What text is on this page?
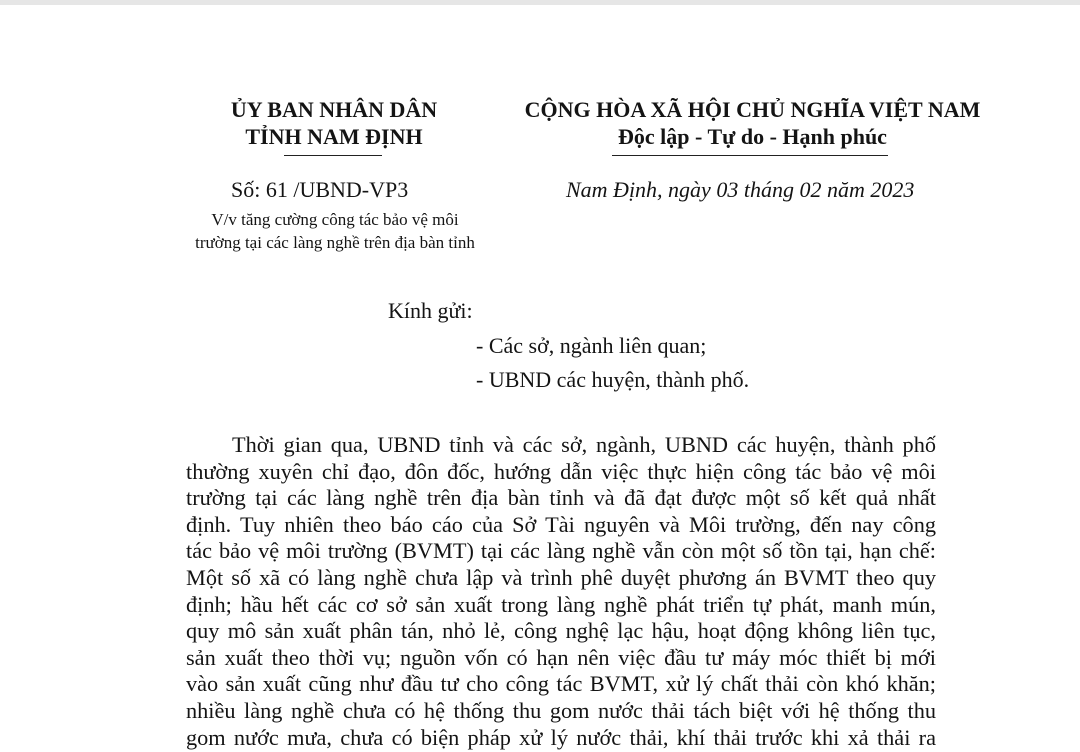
ỦY BAN NHÂN DÂN
TỈNH NAM ĐỊNH
CỘNG HÒA XÃ HỘI CHỦ NGHĨA VIỆT NAM
Độc lập - Tự do - Hạnh phúc
Số: 61 /UBND-VP3	Nam Định, ngày 03 tháng 02 năm 2023
V/v tăng cường công tác bảo vệ môi
trường tại các làng nghề trên địa bàn tỉnh
Kính gửi:
- Các sở, ngành liên quan;
- UBND các huyện, thành phố.
Thời gian qua, UBND tỉnh và các sở, ngành, UBND các huyện, thành phố
thường xuyên chỉ đạo, đôn đốc, hướng dẫn việc thực hiện công tác bảo vệ môi
trường tại các làng nghề trên địa bàn tỉnh và đã đạt được một số kết quả nhất
định. Tuy nhiên theo báo cáo của Sở Tài nguyên và Môi trường, đến nay công
tác bảo vệ môi trường (BVMT) tại các làng nghề vẫn còn một số tồn tại, hạn chế:
Một số xã có làng nghề chưa lập và trình phê duyệt phương án BVMT theo quy
định; hầu hết các cơ sở sản xuất trong làng nghề phát triển tự phát, manh mún,
quy mô sản xuất phân tán, nhỏ lẻ, công nghệ lạc hậu, hoạt động không liên tục,
sản xuất theo thời vụ; nguồn vốn có hạn nên việc đầu tư máy móc thiết bị mới
vào sản xuất cũng như đầu tư cho công tác BVMT, xử lý chất thải còn khó khăn;
nhiều làng nghề chưa có hệ thống thu gom nước thải tách biệt với hệ thống thu
gom nước mưa, chưa có biện pháp xử lý nước thải, khí thải trước khi xả thải ra
